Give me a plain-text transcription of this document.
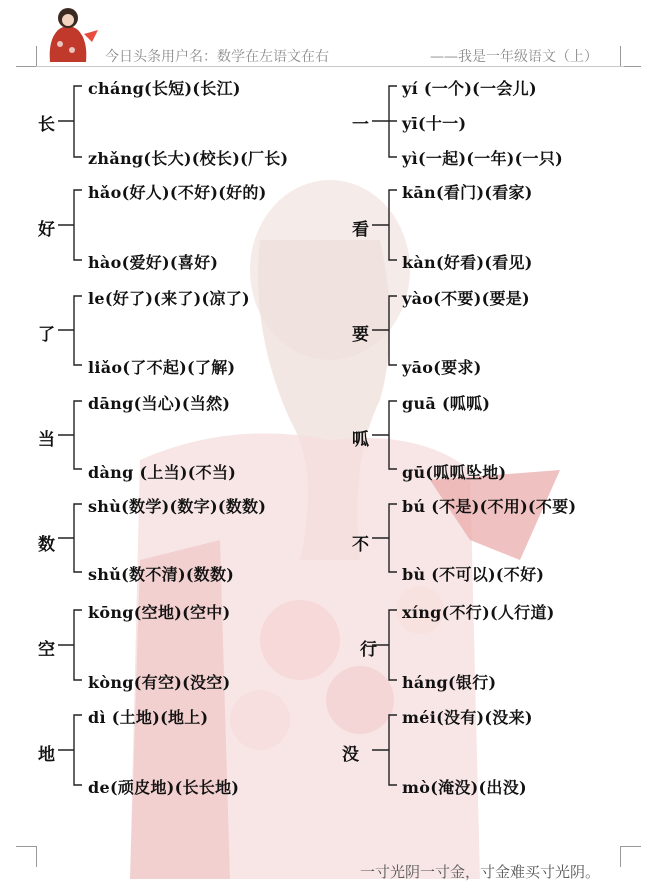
今日头条用户名：数学在左语文在右	——我是一年级语文（上）
长
cháng(长短)(长江)
zhǎng(长大)(校长)(厂长)
好
hǎo(好人)(不好)(好的)
hào(爱好)(喜好)
了
le(好了)(来了)(凉了)
liǎo(了不起)(了解)
当
dāng(当心)(当然)
dàng (上当)(不当)
数
shù(数学)(数字)(数数)
shǔ(数不清)(数数)
空
kōng(空地)(空中)
kòng(有空)(没空)
地
dì (土地)(地上)
de(顽皮地)(长长地)
一
yí (一个)(一会儿)
yī(十一)
yì(一起)(一年)(一只)
看
kān(看门)(看家)
kàn(好看)(看见)
要
yào(不要)(要是)
yāo(要求)
呱
guā (呱呱)
gū(呱呱坠地)
不
bú (不是)(不用)(不要)
bù (不可以)(不好)
行
xíng(不行)(人行道)
háng(银行)
没
méi(没有)(没来)
mò(淹没)(出没)
一寸光阴一寸金，寸金难买寸光阴。
